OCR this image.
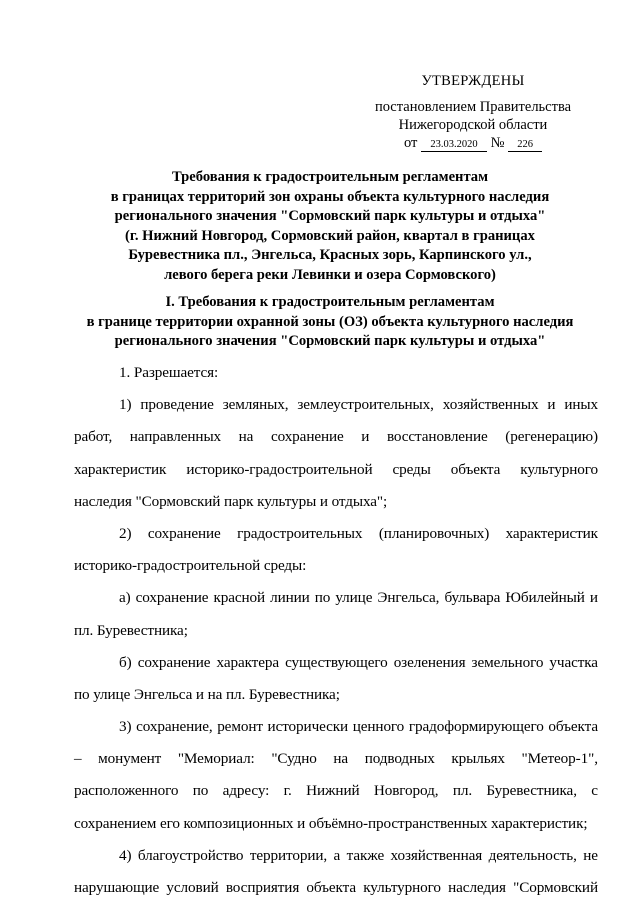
УТВЕРЖДЕНЫ
постановлением Правительства
Нижегородской области
от 23.03.2020 № 226
Требования к градостроительным регламентам
в границах территорий зон охраны объекта культурного наследия
регионального значения "Сормовский парк культуры и отдыха"
(г. Нижний Новгород, Сормовский район, квартал в границах
Буревестника пл., Энгельса, Красных зорь, Карпинского ул.,
левого берега реки Левинки и озера Сормовского)
I. Требования к градостроительным регламентам
в границе территории охранной зоны (ОЗ) объекта культурного наследия
регионального значения "Сормовский парк культуры и отдыха"
1. Разрешается:
1) проведение земляных, землеустроительных, хозяйственных и иных
работ, направленных на сохранение и восстановление (регенерацию)
характеристик историко-градостроительной среды объекта культурного
наследия "Сормовский парк культуры и отдыха";
2) сохранение градостроительных (планировочных) характеристик
историко-градостроительной среды:
а) сохранение красной линии по улице Энгельса, бульвара Юбилейный и
пл. Буревестника;
б) сохранение характера существующего озеленения земельного участка
по улице Энгельса и на пл. Буревестника;
3) сохранение, ремонт исторически ценного градоформирующего объекта
– монумент "Мемориал: "Судно на подводных крыльях "Метеор-1",
расположенного по адресу: г. Нижний Новгород, пл. Буревестника, с
сохранением его композиционных и объёмно-пространственных характеристик;
4) благоустройство территории, а также хозяйственная деятельность, не
нарушающие условий восприятия объекта культурного наследия "Сормовский
